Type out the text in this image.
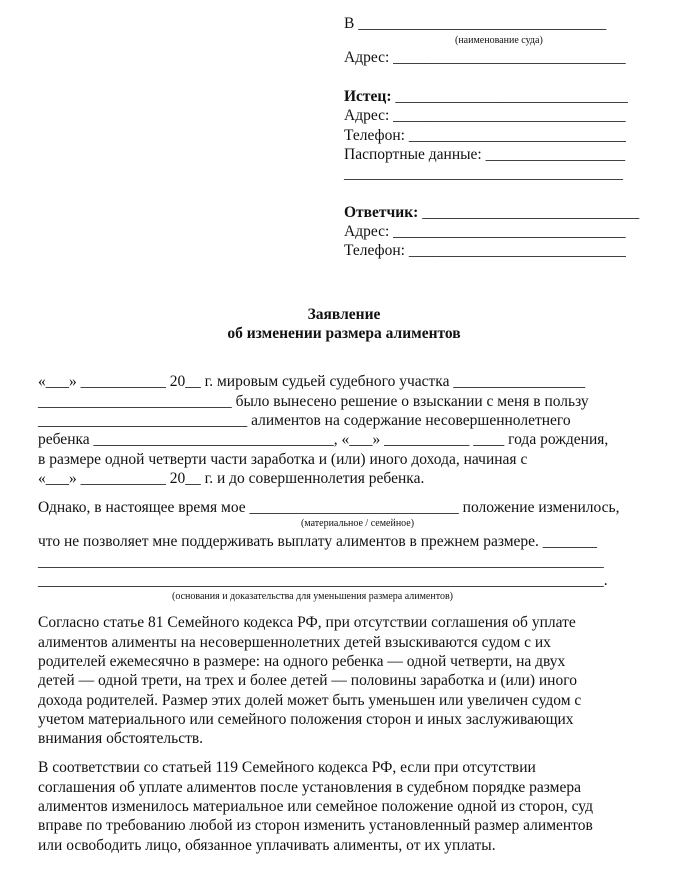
В ________________________________
(наименование суда)
Адрес: ______________________________
Истец: ______________________________
Адрес: ______________________________
Телефон: ____________________________
Паспортные данные: __________________
____________________________________
Ответчик: ____________________________
Адрес: ______________________________
Телефон: ____________________________
Заявление
об изменении размера алиментов
«___» ___________ 20__ г. мировым судьей судебного участка _________________
_________________________ было вынесено решение о взыскании с меня в пользу
___________________________ алиментов на содержание несовершеннолетнего
ребенка _______________________________, «___» ___________ ____ года рождения,
в размере одной четверти части заработка и (или) иного дохода, начиная с
«___» ___________ 20__ г. и до совершеннолетия ребенка.
Однако, в настоящее время мое ___________________________ положение изменилось,
(материальное / семейное)
что не позволяет мне поддерживать выплату алиментов в прежнем размере. _______
_________________________________________________________________________
_________________________________________________________________________.
(основания и доказательства для уменьшения размера алиментов)
Согласно статье 81 Семейного кодекса РФ, при отсутствии соглашения об уплате
алиментов алименты на несовершеннолетних детей взыскиваются судом с их
родителей ежемесячно в размере: на одного ребенка — одной четверти, на двух
детей — одной трети, на трех и более детей — половины заработка и (или) иного
дохода родителей. Размер этих долей может быть уменьшен или увеличен судом с
учетом материального или семейного положения сторон и иных заслуживающих
внимания обстоятельств.
В соответствии со статьей 119 Семейного кодекса РФ, если при отсутствии
соглашения об уплате алиментов после установления в судебном порядке размера
алиментов изменилось материальное или семейное положение одной из сторон, суд
вправе по требованию любой из сторон изменить установленный размер алиментов
или освободить лицо, обязанное уплачивать алименты, от их уплаты.
